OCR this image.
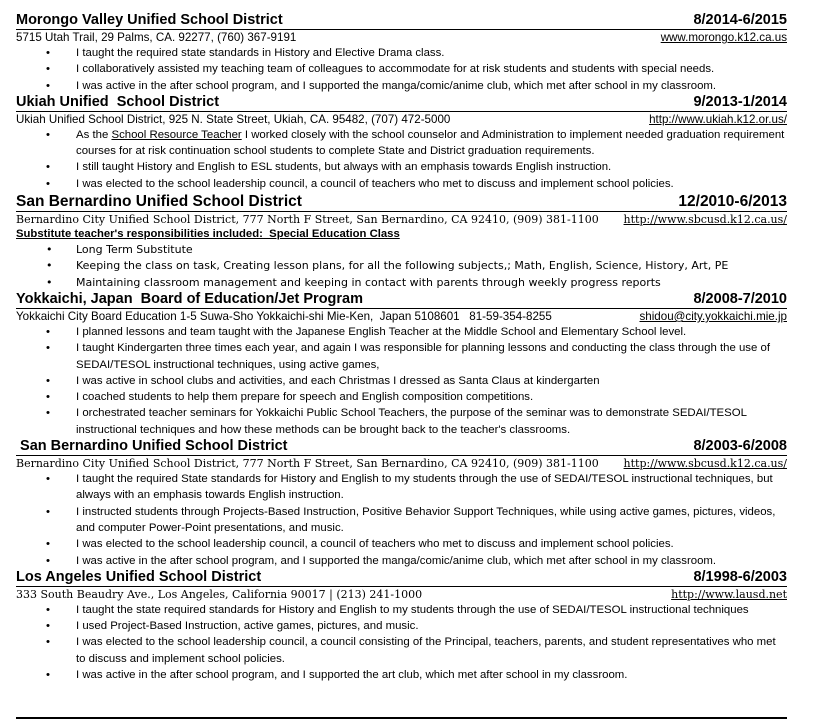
Morongo Valley Unified School District	8/2014-6/2015
5715 Utah Trail, 29 Palms, CA. 92277, (760) 367-9191	www.morongo.k12.ca.us
• I taught the required state standards in History and Elective Drama class.
• I collaboratively assisted my teaching team of colleagues to accommodate for at risk students and students with special needs.
• I was active in the after school program, and I supported the manga/comic/anime club, which met after school in my classroom.
Ukiah Unified  School District	9/2013-1/2014
Ukiah Unified School District, 925 N. State Street, Ukiah, CA. 95482, (707) 472-5000	http://www.ukiah.k12.or.us/
• As the School Resource Teacher I worked closely with the school counselor and Administration to implement needed graduation requirement courses for at risk continuation school students to complete State and District graduation requirements.
• I still taught History and English to ESL students, but always with an emphasis towards English instruction.
• I was elected to the school leadership council, a council of teachers who met to discuss and implement school policies.
San Bernardino Unified School District	12/2010-6/2013
Bernardino City Unified School District, 777 North F Street, San Bernardino, CA 92410, (909) 381-1100 http://www.sbcusd.k12.ca.us/
Substitute teacher's responsibilities included:  Special Education Class
• Long Term Substitute
• Keeping the class on task, Creating lesson plans, for all the following subjects,; Math, English, Science, History, Art, PE
• Maintaining classroom management and keeping in contact with parents through weekly progress reports
Yokkaichi, Japan  Board of Education/Jet Program	8/2008-7/2010
Yokkaichi City Board Education 1-5 Suwa-Sho Yokkaichi-shi Mie-Ken,  Japan 5108601   81-59-354-8255	shidou@city.yokkaichi.mie.jp
• I planned lessons and team taught with the Japanese English Teacher at the Middle School and Elementary School level.
• I taught Kindergarten three times each year, and again I was responsible for planning lessons and conducting the class through the use of SEDAI/TESOL instructional techniques, using active games,
• I was active in school clubs and activities, and each Christmas I dressed as Santa Claus at kindergarten
• I coached students to help them prepare for speech and English composition competitions.
• I orchestrated teacher seminars for Yokkaichi Public School Teachers, the purpose of the seminar was to demonstrate SEDAI/TESOL instructional techniques and how these methods can be brought back to the teacher's classrooms.
San Bernardino Unified School District	8/2003-6/2008
Bernardino City Unified School District, 777 North F Street, San Bernardino, CA 92410, (909) 381-1100 http://www.sbcusd.k12.ca.us/
• I taught the required State standards for History and English to my students through the use of SEDAI/TESOL instructional techniques, but always with an emphasis towards English instruction.
• I instructed students through Projects-Based Instruction, Positive Behavior Support Techniques, while using active games, pictures, videos, and computer Power-Point presentations, and music.
• I was elected to the school leadership council, a council of teachers who met to discuss and implement school policies.
• I was active in the after school program, and I supported the manga/comic/anime club, which met after school in my classroom.
Los Angeles Unified School District	8/1998-6/2003
333 South Beaudry Ave., Los Angeles, California 90017 | (213) 241-1000	http://www.lausd.net
• I taught the state required standards for History and English to my students through the use of SEDAI/TESOL instructional techniques
• I used Project-Based Instruction, active games, pictures, and music.
• I was elected to the school leadership council, a council consisting of the Principal, teachers, parents, and student representatives who met to discuss and implement school policies.
• I was active in the after school program, and I supported the art club, which met after school in my classroom.
